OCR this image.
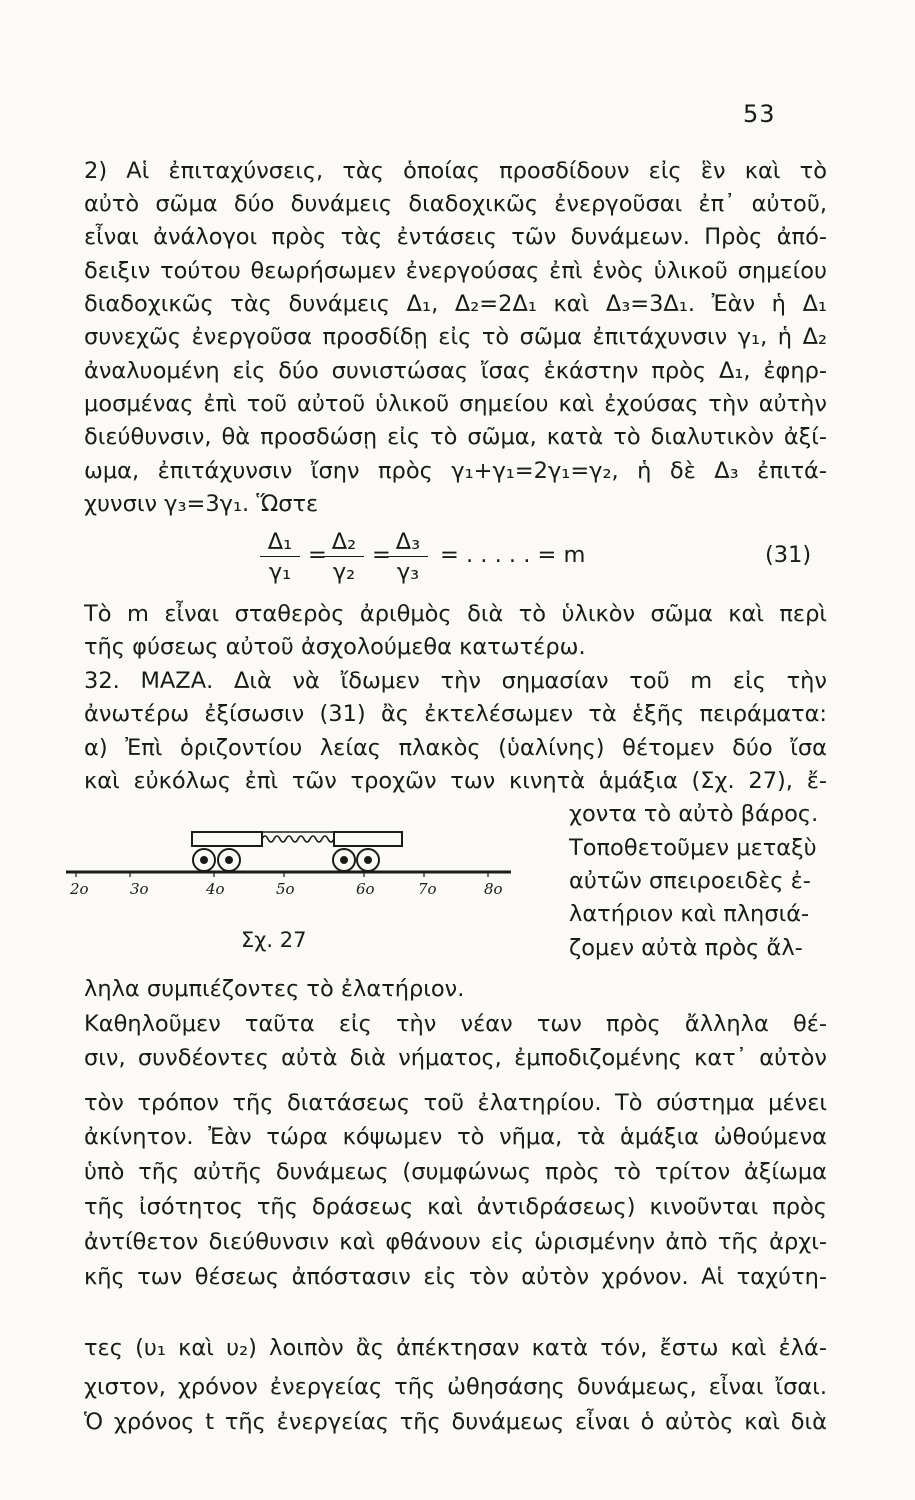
53
2) Αἱ ἐπιταχύνσεις, τὰς ὁποίας προσδίδουν εἰς ἓν καὶ τὸ
αὐτὸ σῶμα δύο δυνάμεις διαδοχικῶς ἐνεργοῦσαι ἐπ᾽ αὐτοῦ,
εἶναι ἀνάλογοι πρὸς τὰς ἐντάσεις τῶν δυνάμεων. Πρὸς ἀπό-
δειξιν τούτου θεωρήσωμεν ἐνεργούσας ἐπὶ ἑνὸς ὑλικοῦ σημείου
διαδοχικῶς τὰς δυνάμεις Δ₁, Δ₂=2Δ₁ καὶ Δ₃=3Δ₁. Ἐὰν ἡ Δ₁
συνεχῶς ἐνεργοῦσα προσδίδῃ εἰς τὸ σῶμα ἐπιτάχυνσιν γ₁, ἡ Δ₂
ἀναλυομένη εἰς δύο συνιστώσας ἴσας ἑκάστην πρὸς Δ₁, ἐφηρ-
μοσμένας ἐπὶ τοῦ αὐτοῦ ὑλικοῦ σημείου καὶ ἐχούσας τὴν αὐτὴν
διεύθυνσιν, θὰ προσδώσῃ εἰς τὸ σῶμα, κατὰ τὸ διαλυτικὸν ἀξί-
ωμα, ἐπιτάχυνσιν ἴσην πρὸς γ₁+γ₁=2γ₁=γ₂, ἡ δὲ Δ₃ ἐπιτά-
χυνσιν γ₃=3γ₁. Ὥστε
$\frac{\text{Δ₁}}{\text{γ₁}}$ =
$\frac{\text{Δ₂}}{\text{γ₂}}$ =
$\frac{\text{Δ₃}}{\text{γ₃}}$ = . . . . . = m	(31)
Τὸ m εἶναι σταθερὸς ἀριθμὸς διὰ τὸ ὑλικὸν σῶμα καὶ περὶ
τῆς φύσεως αὐτοῦ ἀσχολούμεθα κατωτέρω.
32. ΜΑΖΑ. Διὰ νὰ ἴδωμεν τὴν σημασίαν τοῦ m εἰς τὴν
ἀνωτέρω ἐξίσωσιν (31) ἂς ἐκτελέσωμεν τὰ ἑξῆς πειράματα:
α) Ἐπὶ ὁριζοντίου λείας πλακὸς (ὑαλίνης) θέτομεν δύο ἴσα
καὶ εὐκόλως ἐπὶ τῶν τροχῶν των κινητὰ ἁμάξια (Σχ. 27), ἔ-
χοντα τὸ αὐτὸ βάρος.
Τοποθετοῦμεν μεταξὺ
αὐτῶν σπειροειδὲς ἐ-
λατήριον καὶ πλησιά-
ζομεν αὐτὰ πρὸς ἄλ-
2o	3o	4o	5o	6o	7o	8o
Σχ. 27
ληλα συμπιέζοντες τὸ ἐλατήριον.
Καθηλοῦμεν ταῦτα εἰς τὴν νέαν των πρὸς ἄλληλα θέ-
σιν, συνδέοντες αὐτὰ διὰ νήματος, ἐμποδιζομένης κατ᾽ αὐτὸν
τὸν τρόπον τῆς διατάσεως τοῦ ἐλατηρίου. Τὸ σύστημα μένει
ἀκίνητον. Ἐὰν τώρα κόψωμεν τὸ νῆμα, τὰ ἁμάξια ὠθούμενα
ὑπὸ τῆς αὐτῆς δυνάμεως (συμφώνως πρὸς τὸ τρίτον ἀξίωμα
τῆς ἰσότητος τῆς δράσεως καὶ ἀντιδράσεως) κινοῦνται πρὸς
ἀντίθετον διεύθυνσιν καὶ φθάνουν εἰς ὡρισμένην ἀπὸ τῆς ἀρχι-
κῆς των θέσεως ἀπόστασιν εἰς τὸν αὐτὸν χρόνον. Αἱ ταχύτη-
τες (υ₁ καὶ υ₂) λοιπὸν ἂς ἀπέκτησαν κατὰ τόν, ἔστω καὶ ἐλά-
χιστον, χρόνον ἐνεργείας τῆς ὠθησάσης δυνάμεως, εἶναι ἴσαι.
Ὁ χρόνος t τῆς ἐνεργείας τῆς δυνάμεως εἶναι ὁ αὐτὸς καὶ διὰ
